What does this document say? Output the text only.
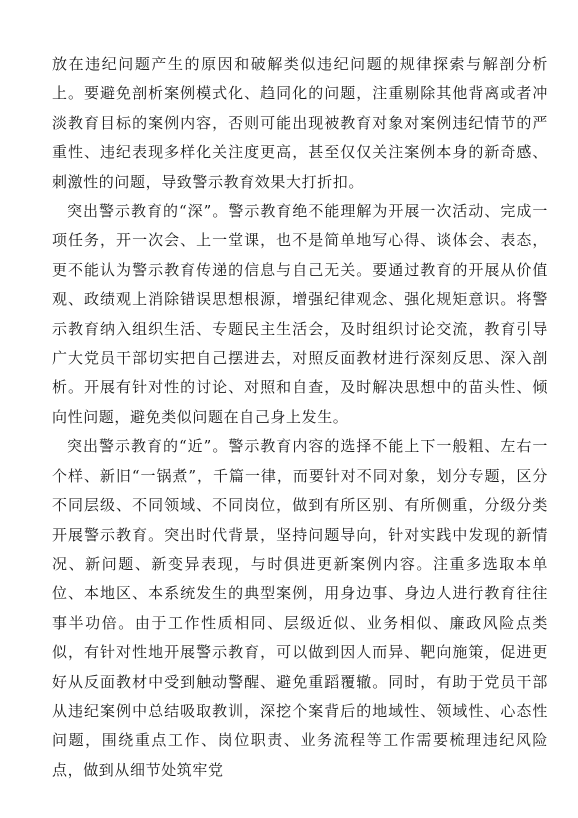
放在违纪问题产生的原因和破解类似违纪问题的规律探索与解剖分析上。要避免剖析案例模式化、趋同化的问题，注重剔除其他背离或者冲淡教育目标的案例内容，否则可能出现被教育对象对案例违纪情节的严重性、违纪表现多样化关注度更高，甚至仅仅关注案例本身的新奇感、刺激性的问题，导致警示教育效果大打折扣。

突出警示教育的“深”。警示教育绝不能理解为开展一次活动、完成一项任务，开一次会、上一堂课，也不是简单地写心得、谈体会、表态，更不能认为警示教育传递的信息与自己无关。要通过教育的开展从价值观、政绩观上消除错误思想根源，增强纪律观念、强化规矩意识。将警示教育纳入组织生活、专题民主生活会，及时组织讨论交流，教育引导广大党员干部切实把自己摆进去，对照反面教材进行深刻反思、深入剖析。开展有针对性的讨论、对照和自查，及时解决思想中的苗头性、倾向性问题，避免类似问题在自己身上发生。

突出警示教育的“近”。警示教育内容的选择不能上下一般粗、左右一个样、新旧“一锅煮”，千篇一律，而要针对不同对象，划分专题，区分不同层级、不同领域、不同岗位，做到有所区别、有所侧重，分级分类开展警示教育。突出时代背景，坚持问题导向，针对实践中发现的新情况、新问题、新变异表现，与时俱进更新案例内容。注重多选取本单位、本地区、本系统发生的典型案例，用身边事、身边人进行教育往往事半功倍。由于工作性质相同、层级近似、业务相似、廉政风险点类似，有针对性地开展警示教育，可以做到因人而异、靶向施策，促进更好从反面教材中受到触动警醒、避免重蹈覆辙。同时，有助于党员干部从违纪案例中总结吸取教训，深挖个案背后的地域性、领域性、心态性问题，围绕重点工作、岗位职责、业务流程等工作需要梳理违纪风险点，做到从细节处筑牢党
